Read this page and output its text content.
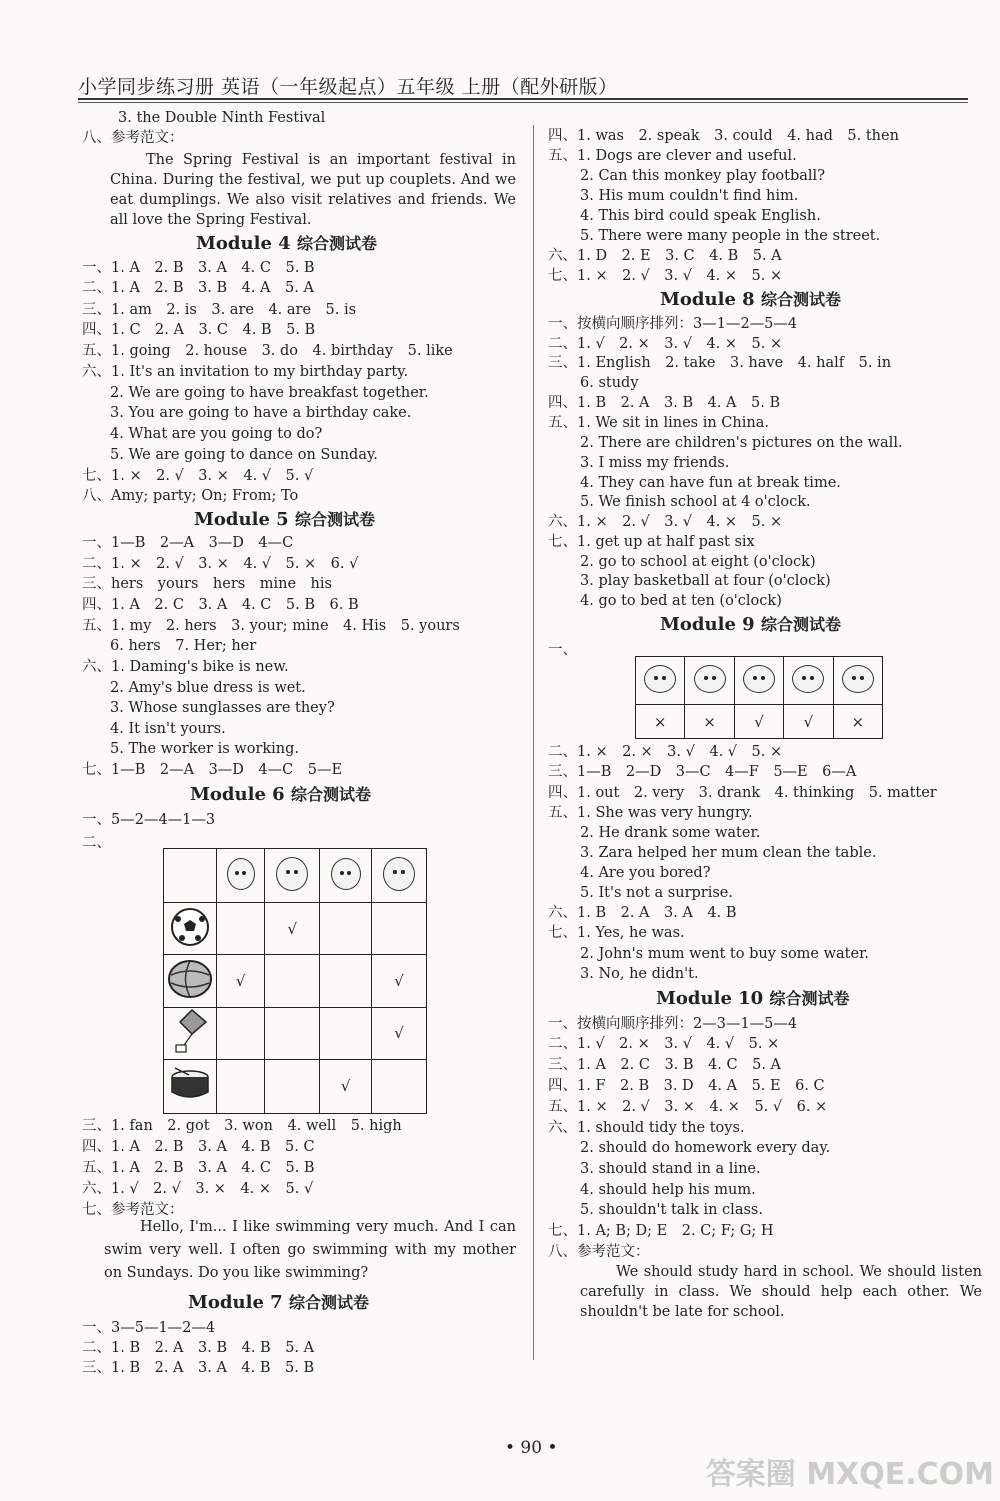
小学同步练习册 英语（一年级起点）五年级 上册（配外研版）
3. the Double Ninth Festival
八、参考范文：
The Spring Festival is an important festival in China. During the festival, we put up couplets. And we eat dumplings. We also visit relatives and friends. We all love the Spring Festival.
Module 4 综合测试卷
一、1. A　2. B　3. A　4. C　5. B
二、1. A　2. B　3. B　4. A　5. A
三、1. am　2. is　3. are　4. are　5. is
四、1. C　2. A　3. C　4. B　5. B
五、1. going　2. house　3. do　4. birthday　5. like
六、1. It's an invitation to my birthday party.
2. We are going to have breakfast together.
3. You are going to have a birthday cake.
4. What are you going to do?
5. We are going to dance on Sunday.
七、1. ×　2. √　3. ×　4. √　5. √
八、Amy; party; On; From; To
Module 5 综合测试卷
一、1—B　2—A　3—D　4—C
二、1. ×　2. √　3. ×　4. √　5. ×　6. √
三、hers　yours　hers　mine　his
四、1. A　2. C　3. A　4. C　5. B　6. B
五、1. my　2. hers　3. your; mine　4. His　5. yours
6. hers　7. Her; her
六、1. Daming's bike is new.
2. Amy's blue dress is wet.
3. Whose sunglasses are they?
4. It isn't yours.
5. The worker is working.
七、1—B　2—A　3—D　4—C　5—E
Module 6 综合测试卷
一、5—2—4—1—3
二、

		√		
	√			√
				√
			√	
三、1. fan　2. got　3. won　4. well　5. high
四、1. A　2. B　3. A　4. B　5. C
五、1. A　2. B　3. A　4. C　5. B
六、1. √　2. √　3. ×　4. ×　5. √
七、参考范文：
Hello, I'm... I like swimming very much. And I can swim very well. I often go swimming with my mother on Sundays. Do you like swimming?
Module 7 综合测试卷
一、3—5—1—2—4
二、1. B　2. A　3. B　4. B　5. A
三、1. B　2. A　3. A　4. B　5. B
四、1. was　2. speak　3. could　4. had　5. then
五、1. Dogs are clever and useful.
2. Can this monkey play football?
3. His mum couldn't find him.
4. This bird could speak English.
5. There were many people in the street.
六、1. D　2. E　3. C　4. B　5. A
七、1. ×　2. √　3. √　4. ×　5. ×
Module 8 综合测试卷
一、按横向顺序排列：3—1—2—5—4
二、1. √　2. ×　3. √　4. ×　5. ×
三、1. English　2. take　3. have　4. half　5. in
6. study
四、1. B　2. A　3. B　4. A　5. B
五、1. We sit in lines in China.
2. There are children's pictures on the wall.
3. I miss my friends.
4. They can have fun at break time.
5. We finish school at 4 o'clock.
六、1. ×　2. √　3. √　4. ×　5. ×
七、1. get up at half past six
2. go to school at eight (o'clock)
3. play basketball at four (o'clock)
4. go to bed at ten (o'clock)
Module 9 综合测试卷
一、

×	×	√	√	×
二、1. ×　2. ×　3. √　4. √　5. ×
三、1—B　2—D　3—C　4—F　5—E　6—A
四、1. out　2. very　3. drank　4. thinking　5. matter
五、1. She was very hungry.
2. He drank some water.
3. Zara helped her mum clean the table.
4. Are you bored?
5. It's not a surprise.
六、1. B　2. A　3. A　4. B
七、1. Yes, he was.
2. John's mum went to buy some water.
3. No, he didn't.
Module 10 综合测试卷
一、按横向顺序排列：2—3—1—5—4
二、1. √　2. ×　3. √　4. √　5. ×
三、1. A　2. C　3. B　4. C　5. A
四、1. F　2. B　3. D　4. A　5. E　6. C
五、1. ×　2. √　3. ×　4. ×　5. √　6. ×
六、1. should tidy the toys.
2. should do homework every day.
3. should stand in a line.
4. should help his mum.
5. shouldn't talk in class.
七、1. A; B; D; E　2. C; F; G; H
八、参考范文：
We should study hard in school. We should listen carefully in class. We should help each other. We shouldn't be late for school.
• 90 •
答案圈 MXQE.COM
